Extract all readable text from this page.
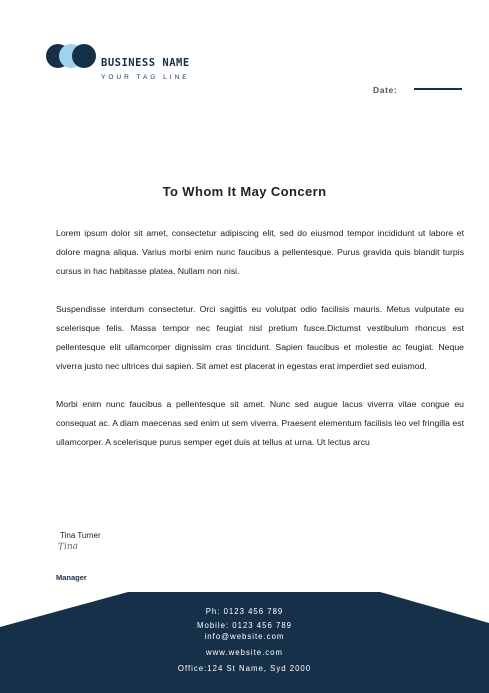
BUSINESS NAME
YOUR TAG LINE
Date:
To Whom It May Concern

Lorem ipsum dolor sit amet, consectetur adipiscing elit, sed do eiusmod tempor incididunt ut labore et dolore magna aliqua. Varius morbi enim nunc faucibus a pellentesque. Purus gravida quis blandit turpis cursus in hac habitasse platea. Nullam non nisi.

Suspendisse interdum consectetur. Orci sagittis eu volutpat odio facilisis mauris. Metus vulputate eu scelerisque felis. Massa tempor nec feugiat nisl pretium fusce.Dictumst vestibulum rhoncus est pellentesque elit ullamcorper dignissim cras tincidunt. Sapien faucibus et molestie ac feugiat. Neque viverra justo nec ultrices dui sapien. Sit amet est placerat in egestas erat imperdiet sed euismod.

Morbi enim nunc faucibus a pellentesque sit amet. Nunc sed augue lacus viverra vitae congue eu consequat ac. A diam maecenas sed enim ut sem viverra. Praesent elementum facilisis leo vel fringilla est ullamcorper. A scelerisque purus semper eget duis at tellus at urna. Ut lectus arcu

Tina Turner
Tina
Manager
Ph: 0123 456 789
Mobile: 0123 456 789
info@website.com
www.website.com
Office:124 St Name, Syd 2000
